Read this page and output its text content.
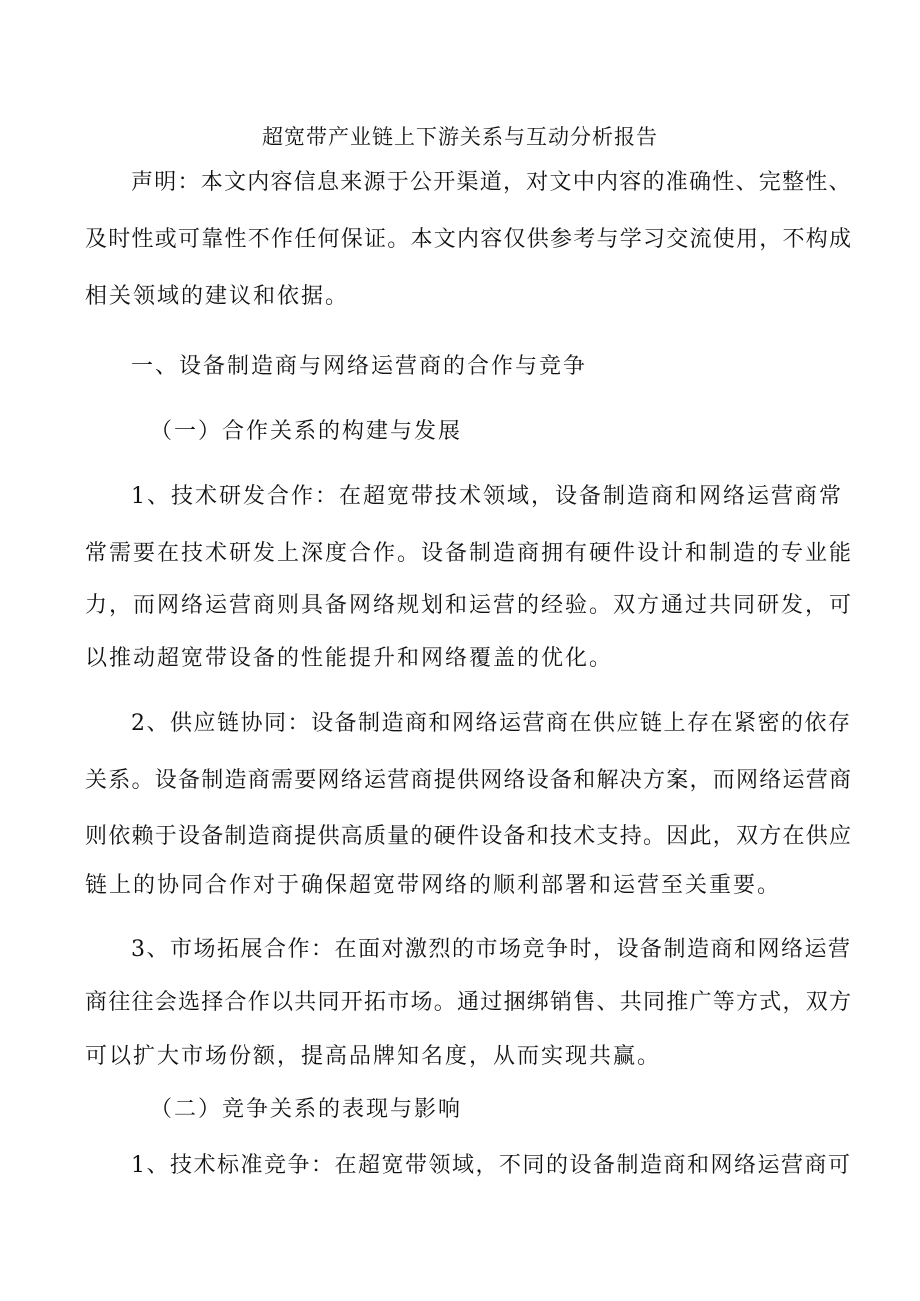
超宽带产业链上下游关系与互动分析报告
声明：本文内容信息来源于公开渠道，对文中内容的准确性、完整性、
及时性或可靠性不作任何保证。本文内容仅供参考与学习交流使用，不构成
相关领域的建议和依据。
一、设备制造商与网络运营商的合作与竞争
（一）合作关系的构建与发展
1、技术研发合作：在超宽带技术领域，设备制造商和网络运营商常
常需要在技术研发上深度合作。设备制造商拥有硬件设计和制造的专业能
力，而网络运营商则具备网络规划和运营的经验。双方通过共同研发，可
以推动超宽带设备的性能提升和网络覆盖的优化。
2、供应链协同：设备制造商和网络运营商在供应链上存在紧密的依存
关系。设备制造商需要网络运营商提供网络设备和解决方案，而网络运营商
则依赖于设备制造商提供高质量的硬件设备和技术支持。因此，双方在供应
链上的协同合作对于确保超宽带网络的顺利部署和运营至关重要。
3、市场拓展合作：在面对激烈的市场竞争时，设备制造商和网络运营
商往往会选择合作以共同开拓市场。通过捆绑销售、共同推广等方式，双方
可以扩大市场份额，提高品牌知名度，从而实现共赢。
（二）竞争关系的表现与影响
1、技术标准竞争：在超宽带领域，不同的设备制造商和网络运营商可
